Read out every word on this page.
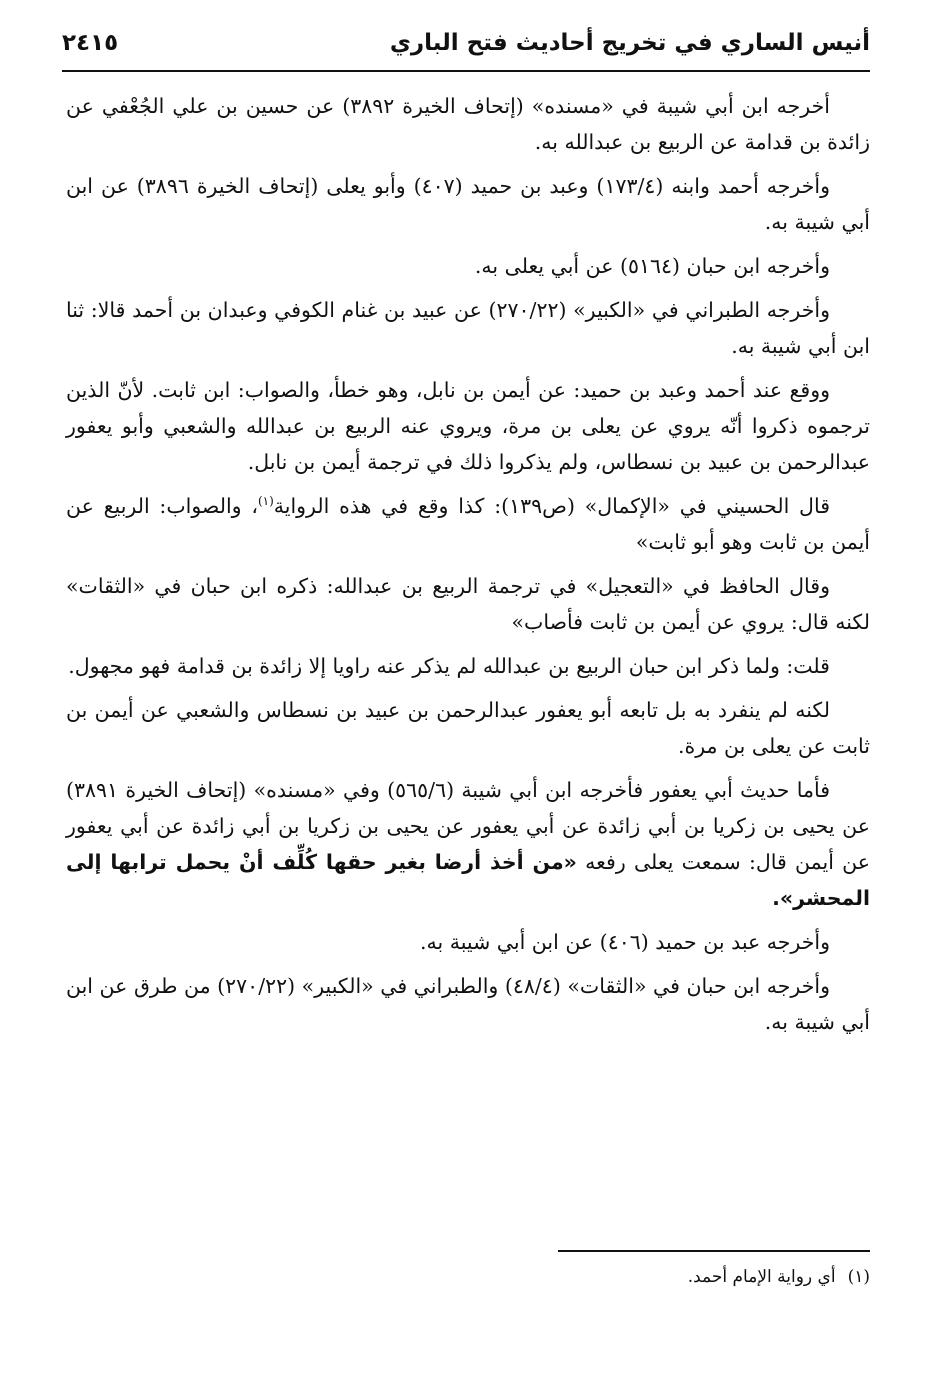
أنيس الساري في تخريج أحاديث فتح الباري
٢٤١٥

أخرجه ابن أبي شيبة في «مسنده» (إتحاف الخيرة ٣٨٩٢) عن حسين بن علي الجُعْفي عن زائدة بن قدامة عن الربيع بن عبدالله به.

وأخرجه أحمد وابنه (١٧٣/٤) وعبد بن حميد (٤٠٧) وأبو يعلى (إتحاف الخيرة ٣٨٩٦) عن ابن أبي شيبة به.

وأخرجه ابن حبان (٥١٦٤) عن أبي يعلى به.

وأخرجه الطبراني في «الكبير» (٢٧٠/٢٢) عن عبيد بن غنام الكوفي وعبدان بن أحمد قالا: ثنا ابن أبي شيبة به.

ووقع عند أحمد وعبد بن حميد: عن أيمن بن نابل، وهو خطأ، والصواب: ابن ثابت. لأنّ الذين ترجموه ذكروا أنّه يروي عن يعلى بن مرة، ويروي عنه الربيع بن عبدالله والشعبي وأبو يعفور عبدالرحمن بن عبيد بن نسطاس، ولم يذكروا ذلك في ترجمة أيمن بن نابل.

قال الحسيني في «الإكمال» (ص١٣٩): كذا وقع في هذه الرواية$^{(١)}$، والصواب: الربيع عن أيمن بن ثابت وهو أبو ثابت»

وقال الحافظ في «التعجيل» في ترجمة الربيع بن عبدالله: ذكره ابن حبان في «الثقات» لكنه قال: يروي عن أيمن بن ثابت فأصاب»

قلت: ولما ذكر ابن حبان الربيع بن عبدالله لم يذكر عنه راويا إلا زائدة بن قدامة فهو مجهول.

لكنه لم ينفرد به بل تابعه أبو يعفور عبدالرحمن بن عبيد بن نسطاس والشعبي عن أيمن بن ثابت عن يعلى بن مرة.

فأما حديث أبي يعفور فأخرجه ابن أبي شيبة (٥٦٥/٦) وفي «مسنده» (إتحاف الخيرة ٣٨٩١) عن يحيى بن زكريا بن أبي زائدة عن أبي يعفور عن يحيى بن زكريا بن أبي زائدة عن أبي يعفور عن أيمن قال: سمعت يعلى رفعه «من أخذ أرضا بغير حقها كُلِّف أنْ يحمل ترابها إلى المحشر».

وأخرجه عبد بن حميد (٤٠٦) عن ابن أبي شيبة به.

وأخرجه ابن حبان في «الثقات» (٤٨/٤) والطبراني في «الكبير» (٢٧٠/٢٢) من طرق عن ابن أبي شيبة به.

(١)أي رواية الإمام أحمد.
